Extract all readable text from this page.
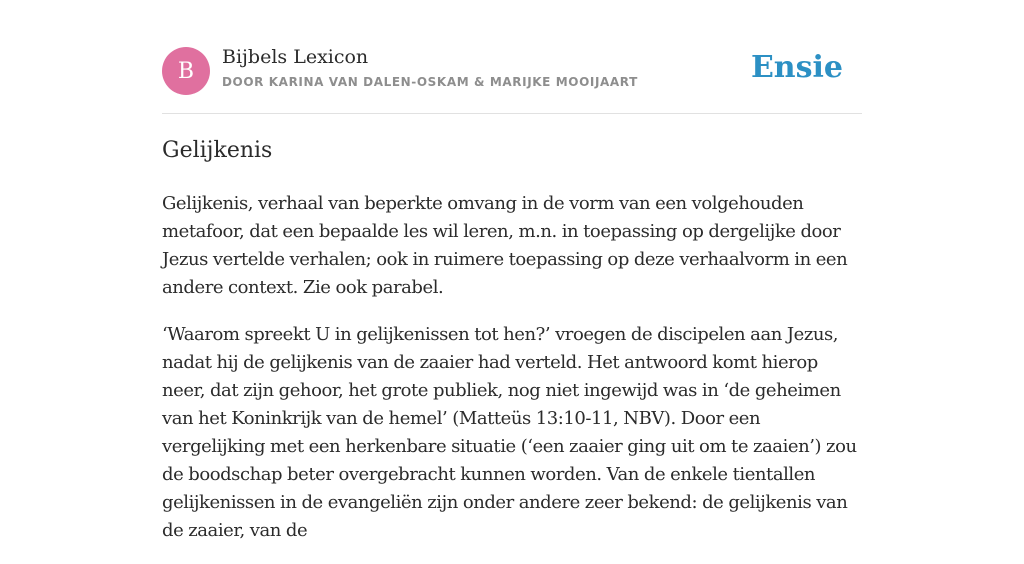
B
Bijbels Lexicon
DOOR KARINA VAN DALEN-OSKAM & MARIJKE MOOIJAART	Ensie
Gelijkenis

Gelijkenis, verhaal van beperkte omvang in de vorm van een volgehouden metafoor, dat een bepaalde les wil leren, m.n. in toepassing op dergelijke door Jezus vertelde verhalen; ook in ruimere toepassing op deze verhaalvorm in een andere context. Zie ook parabel.

‘Waarom spreekt U in gelijkenissen tot hen?’ vroegen de discipelen aan Jezus, nadat hij de gelijkenis van de zaaier had verteld. Het antwoord komt hierop neer, dat zijn gehoor, het grote publiek, nog niet ingewijd was in ‘de geheimen van het Koninkrijk van de hemel’ (Matteüs 13:10-11, NBV). Door een vergelijking met een herkenbare situatie (‘een zaaier ging uit om te zaaien’) zou de boodschap beter overgebracht kunnen worden. Van de enkele tientallen gelijkenissen in de evangeliën zijn onder andere zeer bekend: de gelijkenis van de zaaier, van de
